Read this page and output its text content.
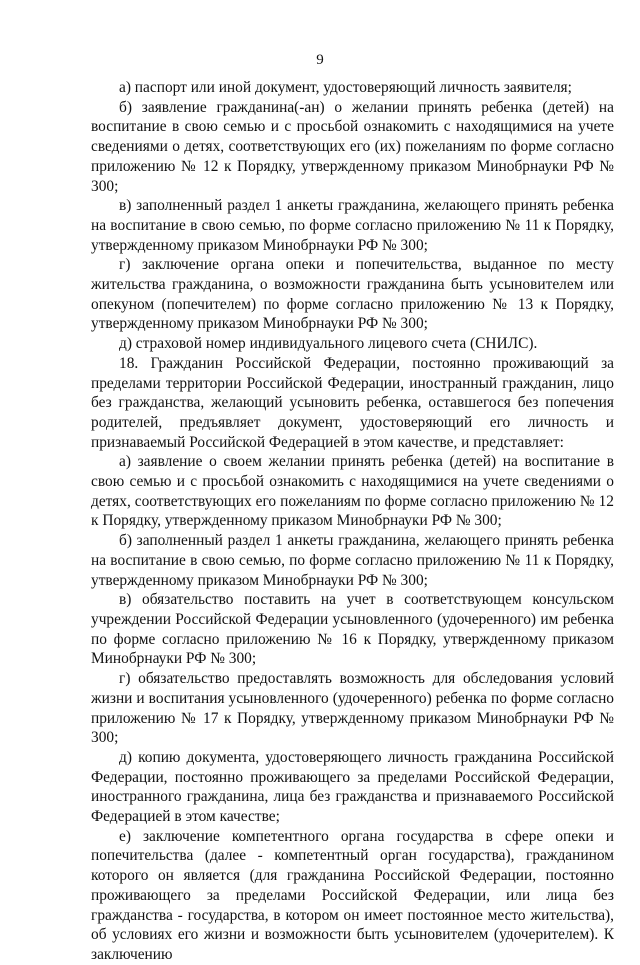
9

а) паспорт или иной документ, удостоверяющий личность заявителя;

б) заявление гражданина(-ан) о желании принять ребенка (детей) на воспитание в свою семью и с просьбой ознакомить с находящимися на учете сведениями о детях, соответствующих его (их) пожеланиям по форме согласно приложению № 12 к Порядку, утвержденному приказом Минобрнауки РФ № 300;

в) заполненный раздел 1 анкеты гражданина, желающего принять ребенка на воспитание в свою семью, по форме согласно приложению № 11 к Порядку, утвержденному приказом Минобрнауки РФ № 300;

г) заключение органа опеки и попечительства, выданное по месту жительства гражданина, о возможности гражданина быть усыновителем или опекуном (попечителем) по форме согласно приложению № 13 к Порядку, утвержденному приказом Минобрнауки РФ № 300;

д) страховой номер индивидуального лицевого счета (СНИЛС).

18. Гражданин Российской Федерации, постоянно проживающий за пределами территории Российской Федерации, иностранный гражданин, лицо без гражданства, желающий усыновить ребенка, оставшегося без попечения родителей, предъявляет документ, удостоверяющий его личность и признаваемый Российской Федерацией в этом качестве, и представляет:

а) заявление о своем желании принять ребенка (детей) на воспитание в свою семью и с просьбой ознакомить с находящимися на учете сведениями о детях, соответствующих его пожеланиям по форме согласно приложению № 12 к Порядку, утвержденному приказом Минобрнауки РФ № 300;

б) заполненный раздел 1 анкеты гражданина, желающего принять ребенка на воспитание в свою семью, по форме согласно приложению № 11 к Порядку, утвержденному приказом Минобрнауки РФ № 300;

в) обязательство поставить на учет в соответствующем консульском учреждении Российской Федерации усыновленного (удочеренного) им ребенка по форме согласно приложению № 16 к Порядку, утвержденному приказом Минобрнауки РФ № 300;

г) обязательство предоставлять возможность для обследования условий жизни и воспитания усыновленного (удочеренного) ребенка по форме согласно приложению № 17 к Порядку, утвержденному приказом Минобрнауки РФ № 300;

д) копию документа, удостоверяющего личность гражданина Российской Федерации, постоянно проживающего за пределами Российской Федерации, иностранного гражданина, лица без гражданства и признаваемого Российской Федерацией в этом качестве;

е) заключение компетентного органа государства в сфере опеки и попечительства (далее - компетентный орган государства), гражданином которого он является (для гражданина Российской Федерации, постоянно проживающего за пределами Российской Федерации, или лица без гражданства - государства, в котором он имеет постоянное место жительства), об условиях его жизни и возможности быть усыновителем (удочерителем). К заключению
